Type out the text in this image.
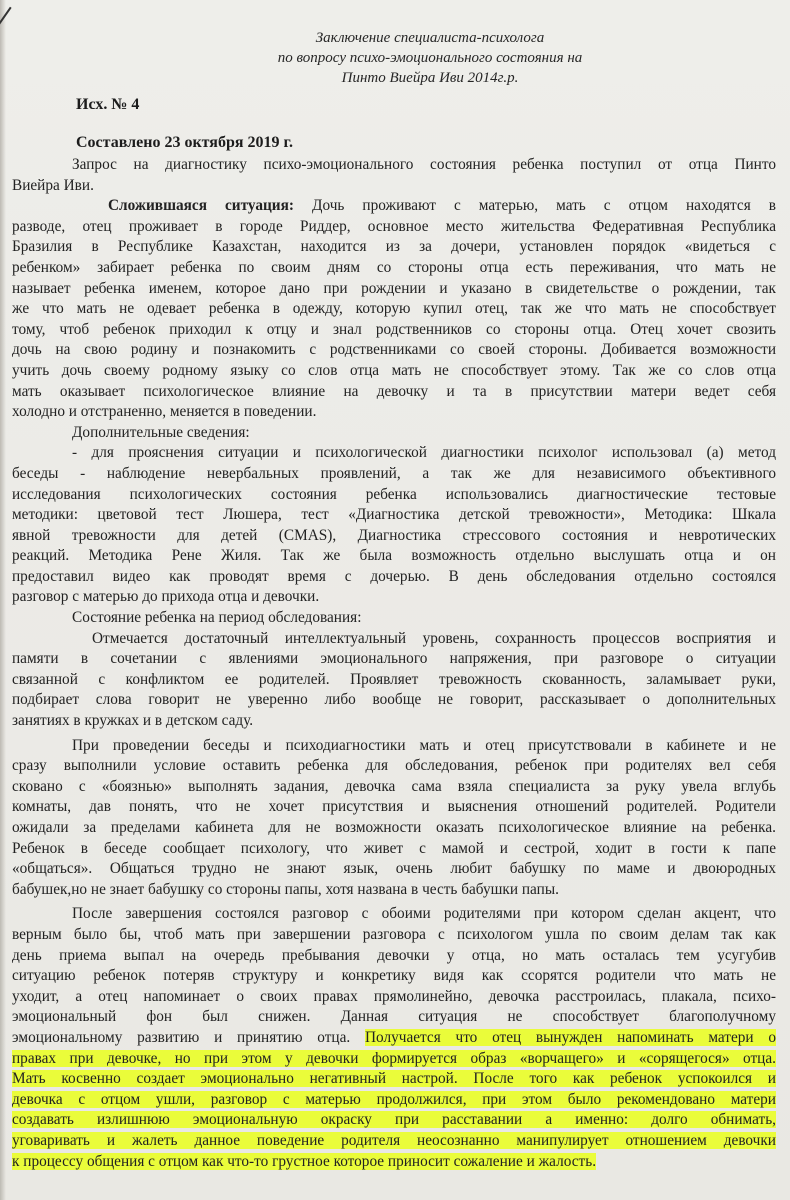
Заключение специалиста-психолога
по вопросу психо-эмоционального состояния на
Пинто Виейра Иви 2014г.р.
Исх. № 4
Составлено 23 октября 2019 г.
Запрос на диагностику психо-эмоционального состояния ребенка поступил от отца Пинто
Виейра Иви.
Сложившаяся ситуация: Дочь проживают с матерью, мать с отцом находятся в
разводе, отец проживает в городе Риддер, основное место жительства Федеративная Республика
Бразилия в Республике Казахстан, находится из за дочери, установлен порядок «видеться с
ребенком» забирает ребенка по своим дням со стороны отца есть переживания, что мать не
называет ребенка именем, которое дано при рождении и указано в свидетельстве о рождении, так
же что мать не одевает ребенка в одежду, которую купил отец, так же что мать не способствует
тому, чтоб ребенок приходил к отцу и знал родственников со стороны отца. Отец хочет свозить
дочь на свою родину и познакомить с родственниками со своей стороны. Добивается возможности
учить дочь своему родному языку со слов отца мать не способствует этому. Так же со слов отца
мать оказывает психологическое влияние на девочку и та в присутствии матери ведет себя
холодно и отстраненно, меняется в поведении.
Дополнительные сведения:
- для прояснения ситуации и психологической диагностики психолог использовал (а) метод
беседы - наблюдение невербальных проявлений, а так же для независимого объективного
исследования психологических состояния ребенка использовались диагностические тестовые
методики: цветовой тест Люшера, тест «Диагностика детской тревожности», Методика: Шкала
явной тревожности для детей (CMAS), Диагностика стрессового состояния и невротических
реакций. Методика Рене Жиля. Так же была возможность отдельно выслушать отца и он
предоставил видео как проводят время с дочерью. В день обследования отдельно состоялся
разговор с матерью до прихода отца и девочки.
Состояние ребенка на период обследования:
Отмечается достаточный интеллектуальный уровень, сохранность процессов восприятия и
памяти в сочетании с явлениями эмоционального напряжения, при разговоре о ситуации
связанной с конфликтом ее родителей. Проявляет тревожность скованность, заламывает руки,
подбирает слова говорит не уверенно либо вообще не говорит, рассказывает о дополнительных
занятиях в кружках и в детском саду.
При проведении беседы и психодиагностики мать и отец присутствовали в кабинете и не
сразу выполнили условие оставить ребенка для обследования, ребенок при родителях вел себя
сковано с «боязнью» выполнять задания, девочка сама взяла специалиста за руку увела вглубь
комнаты, дав понять, что не хочет присутствия и выяснения отношений родителей. Родители
ожидали за пределами кабинета для не возможности оказать психологическое влияние на ребенка.
Ребенок в беседе сообщает психологу, что живет с мамой и сестрой, ходит в гости к папе
«общаться». Общаться трудно не знают язык, очень любит бабушку по маме и двоюродных
бабушек,но не знает бабушку со стороны папы, хотя названа в честь бабушки папы.
После завершения состоялся разговор с обоими родителями при котором сделан акцент, что
верным было бы, чтоб мать при завершении разговора с психологом ушла по своим делам так как
день приема выпал на очередь пребывания девочки у отца, но мать осталась тем усугубив
ситуацию ребенок потеряв структуру и конкретику видя как ссорятся родители что мать не
уходит, а отец напоминает о своих правах прямолинейно, девочка расстроилась, плакала, психо-
эмоциональный фон был снижен. Данная ситуация не способствует благополучному
эмоциональному развитию и принятию отца. Получается что отец вынужден напоминать матери о
правах при девочке, но при этом у девочки формируется образ «ворчащего» и «сорящегося» отца.
Мать косвенно создает эмоционально негативный настрой. После того как ребенок успокоился и
девочка с отцом ушли, разговор с матерью продолжился, при этом было рекомендовано матери
создавать излишнюю эмоциональную окраску при расставании а именно: долго обнимать,
уговаривать и жалеть данное поведение родителя неосознанно манипулирует отношением девочки
к процессу общения с отцом как что-то грустное которое приносит сожаление и жалость.
